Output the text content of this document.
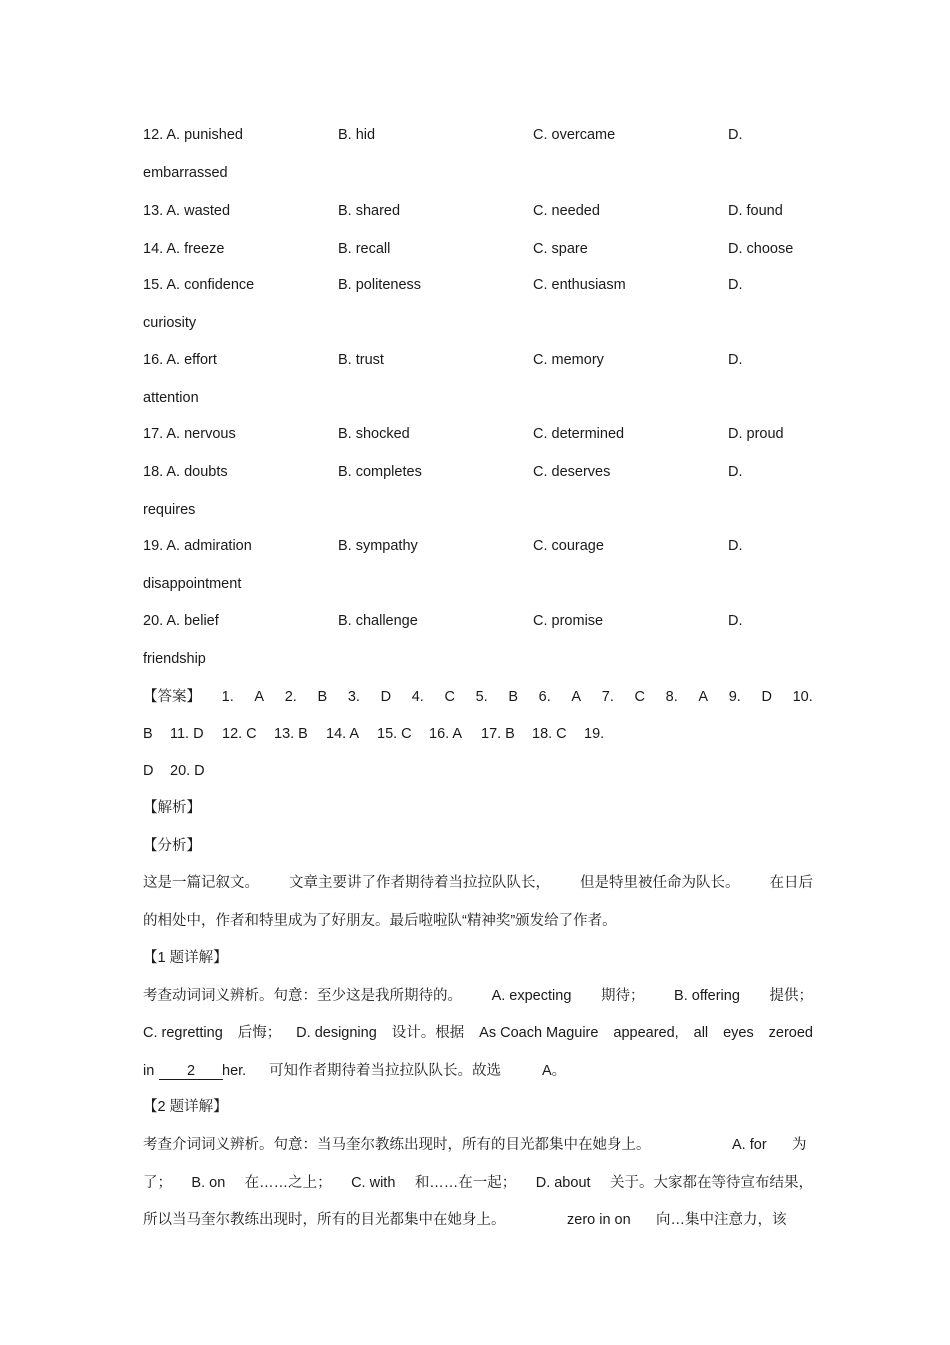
12. A. punished	B. hid	C. overcame	D.
embarrassed
13. A. wasted	B. shared	C. needed	D. found
14. A. freeze	B. recall	C. spare	D. choose
15. A. confidence	B. politeness	C. enthusiasm	D.
curiosity
16. A. effort	B. trust	C. memory	D.
attention
17. A. nervous	B. shocked	C. determined	D. proud
18. A. doubts	B. completes	C. deserves	D.
requires
19. A. admiration	B. sympathy	C. courage	D.
disappointment
20. A. belief	B. challenge	C. promise	D.
friendship
【答案】 1. A 2. B 3. D 4. C 5. B 6. A 7. C 8. A 9. D 10.
B 11. D 12. C 13. B 14. A 15. C 16. A 17. B 18. C 19.
D 20. D
【解析】
【分析】
这是一篇记叙文。 文章主要讲了作者期待着当拉拉队队长， 但是特里被任命为队长。 在日后
的相处中，作者和特里成为了好朋友。最后啦啦队“精神奖”颁发给了作者。
【1 题详解】
考查动词词义辨析。句意：至少这是我所期待的。 A. expecting 期待； B. offering 提供；
C. regretting 后悔； D. designing 设计。根据 As Coach Maguire appeared, all eyes zeroed
in	2	her. 可知作者期待着当拉拉队队长。故选	A。
【2 题详解】
考查介词词义辨析。句意：当马奎尔教练出现时，所有的目光都集中在她身上。	A. for 为
了； B. on 在……之上； C. with 和……在一起； D. about 关于。大家都在等待宣布结果，
所以当马奎尔教练出现时，所有的目光都集中在她身上。	zero in on 向…集中注意力，该
